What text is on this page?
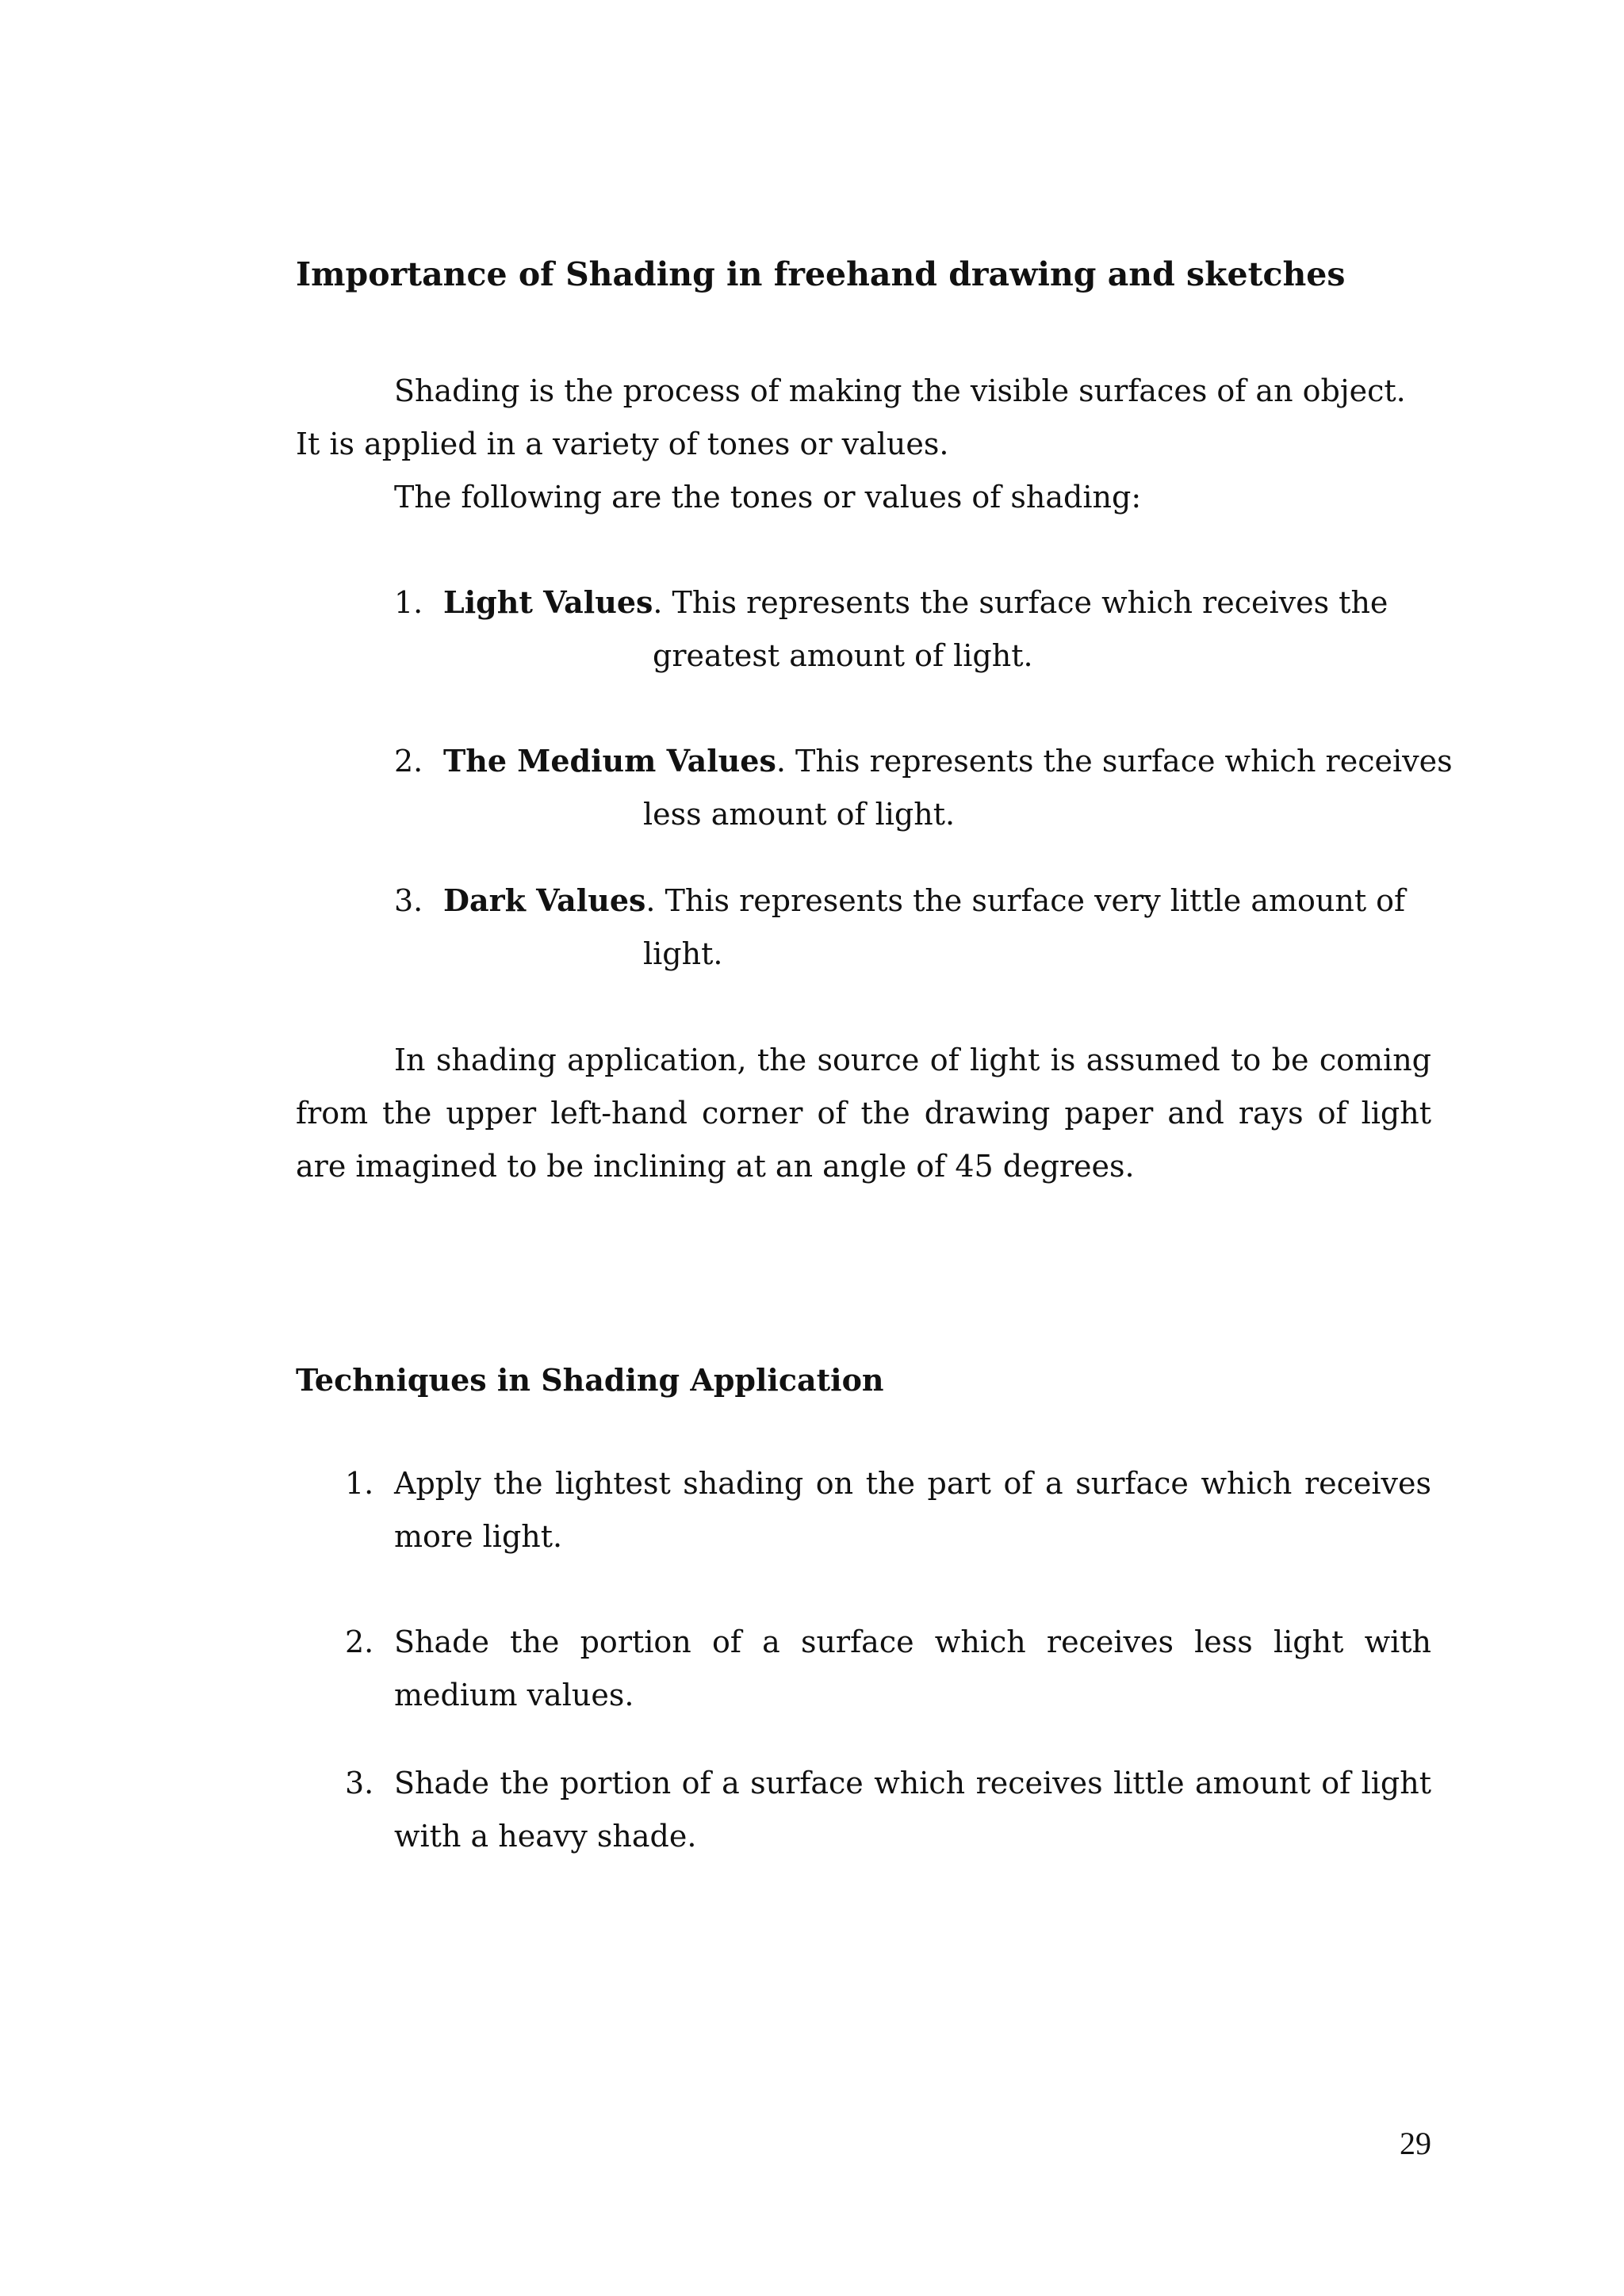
Importance of Shading in freehand drawing and sketches

Shading is the process of making the visible surfaces of an object. It is applied in a variety of tones or values.

The following are the tones or values of shading:

1. Light Values. This represents the surface which receives the
greatest amount of light.
2. The Medium Values. This represents the surface which receives
less amount of light.
3. Dark Values. This represents the surface very little amount of
light.

In shading application, the source of light is assumed to be coming from the upper left-hand corner of the drawing paper and rays of light are imagined to be inclining at an angle of 45 degrees.

Techniques in Shading Application
1. Apply the lightest shading on the part of a surface which receives more light.
2. Shade the portion of a surface which receives less light with medium values.
3. Shade the portion of a surface which receives little amount of light with a heavy shade.
29
